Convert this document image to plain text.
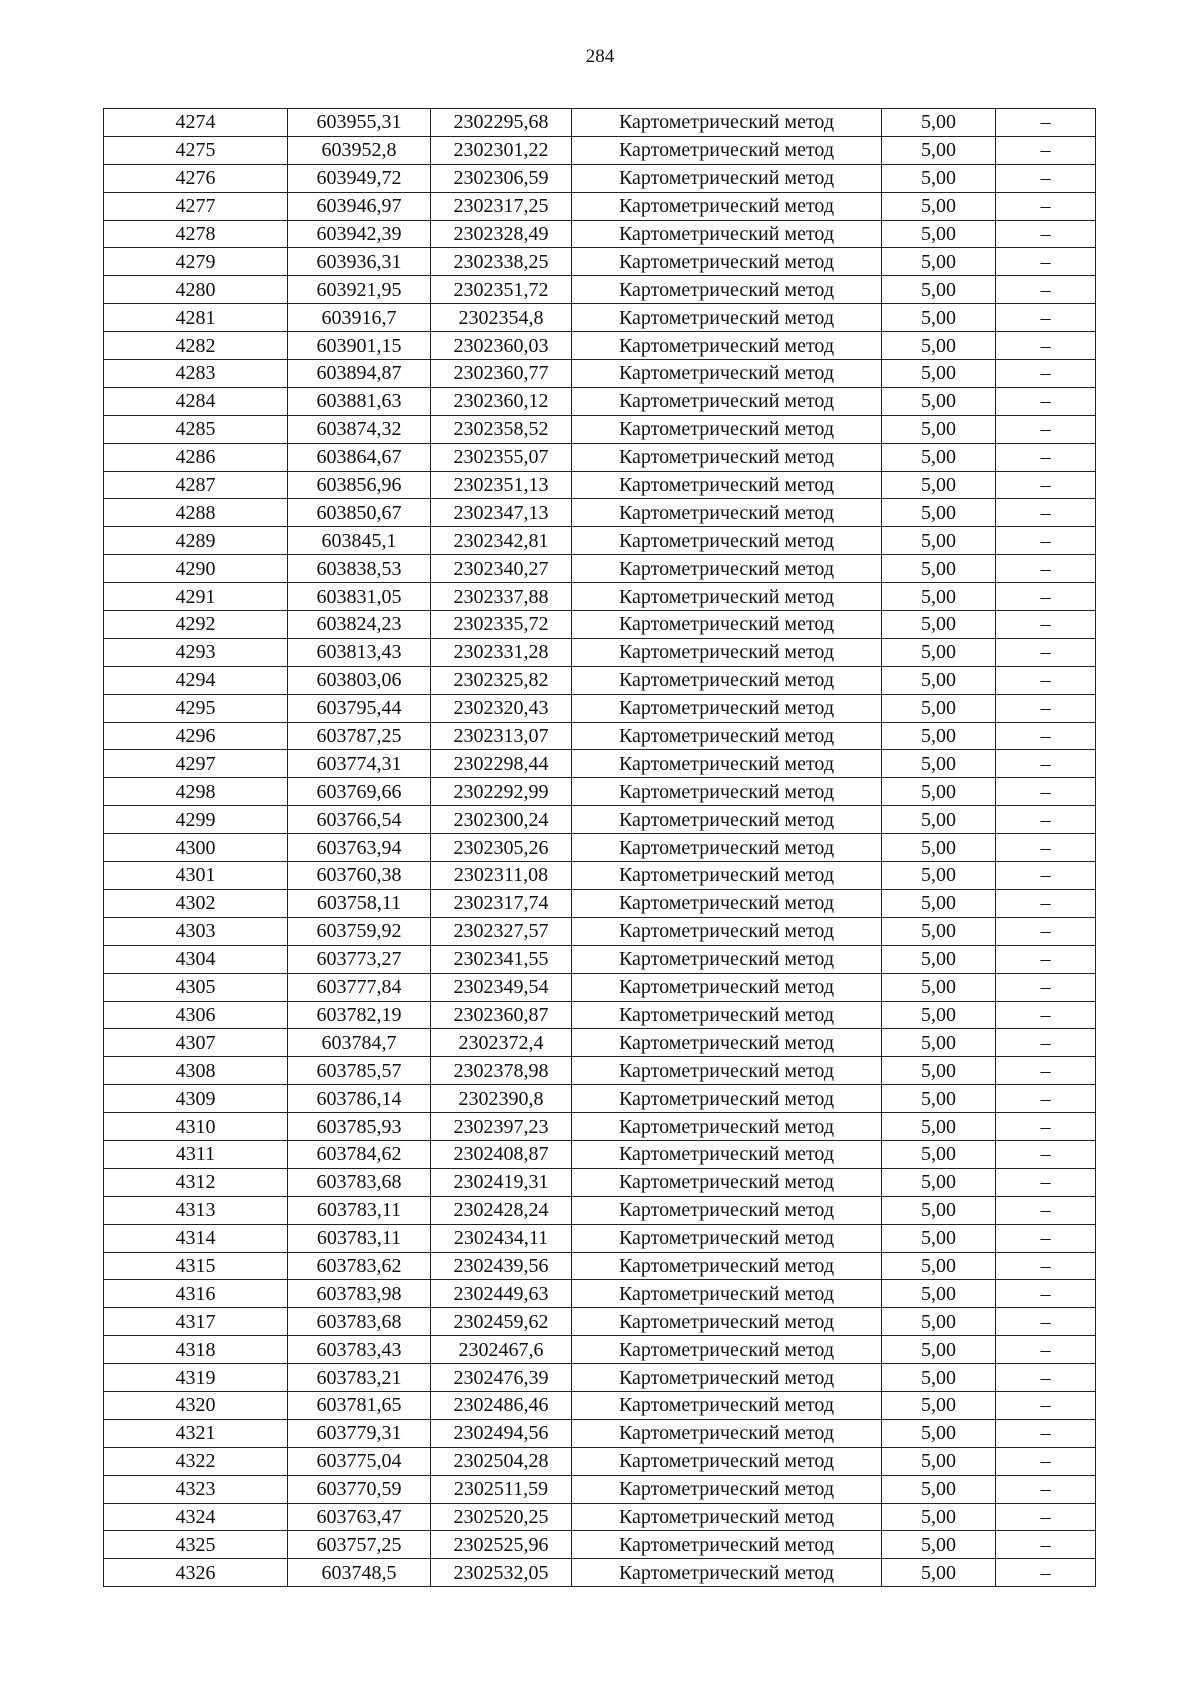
284
4274	603955,31	2302295,68	Картометрический метод	5,00	–
4275	603952,8	2302301,22	Картометрический метод	5,00	–
4276	603949,72	2302306,59	Картометрический метод	5,00	–
4277	603946,97	2302317,25	Картометрический метод	5,00	–
4278	603942,39	2302328,49	Картометрический метод	5,00	–
4279	603936,31	2302338,25	Картометрический метод	5,00	–
4280	603921,95	2302351,72	Картометрический метод	5,00	–
4281	603916,7	2302354,8	Картометрический метод	5,00	–
4282	603901,15	2302360,03	Картометрический метод	5,00	–
4283	603894,87	2302360,77	Картометрический метод	5,00	–
4284	603881,63	2302360,12	Картометрический метод	5,00	–
4285	603874,32	2302358,52	Картометрический метод	5,00	–
4286	603864,67	2302355,07	Картометрический метод	5,00	–
4287	603856,96	2302351,13	Картометрический метод	5,00	–
4288	603850,67	2302347,13	Картометрический метод	5,00	–
4289	603845,1	2302342,81	Картометрический метод	5,00	–
4290	603838,53	2302340,27	Картометрический метод	5,00	–
4291	603831,05	2302337,88	Картометрический метод	5,00	–
4292	603824,23	2302335,72	Картометрический метод	5,00	–
4293	603813,43	2302331,28	Картометрический метод	5,00	–
4294	603803,06	2302325,82	Картометрический метод	5,00	–
4295	603795,44	2302320,43	Картометрический метод	5,00	–
4296	603787,25	2302313,07	Картометрический метод	5,00	–
4297	603774,31	2302298,44	Картометрический метод	5,00	–
4298	603769,66	2302292,99	Картометрический метод	5,00	–
4299	603766,54	2302300,24	Картометрический метод	5,00	–
4300	603763,94	2302305,26	Картометрический метод	5,00	–
4301	603760,38	2302311,08	Картометрический метод	5,00	–
4302	603758,11	2302317,74	Картометрический метод	5,00	–
4303	603759,92	2302327,57	Картометрический метод	5,00	–
4304	603773,27	2302341,55	Картометрический метод	5,00	–
4305	603777,84	2302349,54	Картометрический метод	5,00	–
4306	603782,19	2302360,87	Картометрический метод	5,00	–
4307	603784,7	2302372,4	Картометрический метод	5,00	–
4308	603785,57	2302378,98	Картометрический метод	5,00	–
4309	603786,14	2302390,8	Картометрический метод	5,00	–
4310	603785,93	2302397,23	Картометрический метод	5,00	–
4311	603784,62	2302408,87	Картометрический метод	5,00	–
4312	603783,68	2302419,31	Картометрический метод	5,00	–
4313	603783,11	2302428,24	Картометрический метод	5,00	–
4314	603783,11	2302434,11	Картометрический метод	5,00	–
4315	603783,62	2302439,56	Картометрический метод	5,00	–
4316	603783,98	2302449,63	Картометрический метод	5,00	–
4317	603783,68	2302459,62	Картометрический метод	5,00	–
4318	603783,43	2302467,6	Картометрический метод	5,00	–
4319	603783,21	2302476,39	Картометрический метод	5,00	–
4320	603781,65	2302486,46	Картометрический метод	5,00	–
4321	603779,31	2302494,56	Картометрический метод	5,00	–
4322	603775,04	2302504,28	Картометрический метод	5,00	–
4323	603770,59	2302511,59	Картометрический метод	5,00	–
4324	603763,47	2302520,25	Картометрический метод	5,00	–
4325	603757,25	2302525,96	Картометрический метод	5,00	–
4326	603748,5	2302532,05	Картометрический метод	5,00	–
